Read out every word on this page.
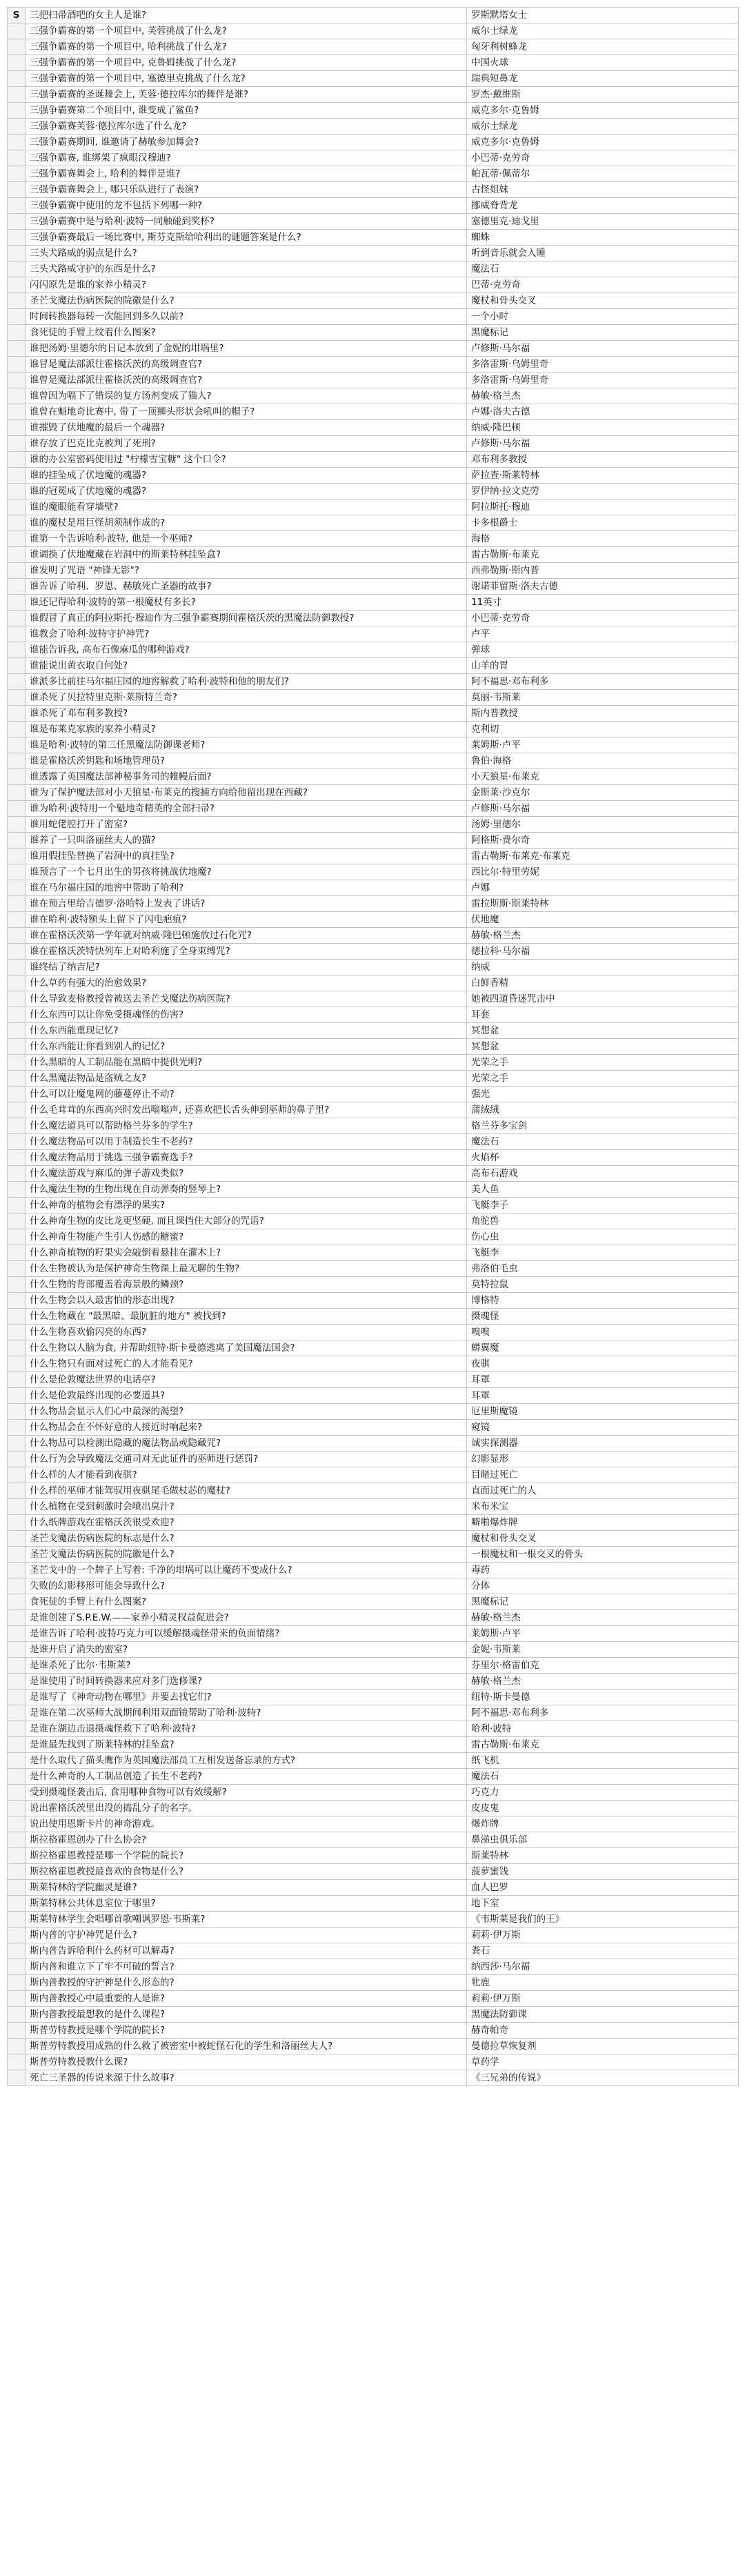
S	三把扫帚酒吧的女主人是谁?	罗斯默塔女士
	三强争霸赛的第一个项目中, 芙蓉挑战了什么龙?	威尔士绿龙
	三强争霸赛的第一个项目中, 哈利挑战了什么龙?	匈牙利树蜂龙
	三强争霸赛的第一个项目中, 克鲁姆挑战了什么龙?	中国火球
	三强争霸赛的第一个项目中, 塞德里克挑战了什么龙?	瑞典短鼻龙
	三强争霸赛的圣诞舞会上, 芙蓉·德拉库尔的舞伴是谁?	罗杰·戴维斯
	三强争霸赛第二个项目中, 谁变成了鲨鱼?	威克多尔·克鲁姆
	三强争霸赛芙蓉·德拉库尔选了什么龙?	威尔士绿龙
	三强争霸赛期间, 谁邀请了赫敏参加舞会?	威克多尔·克鲁姆
	三强争霸赛, 谁绑架了疯眼汉穆迪?	小巴蒂·克劳奇
	三强争霸赛舞会上, 哈利的舞伴是谁?	帕瓦蒂·佩蒂尔
	三强争霸赛舞会上, 哪只乐队进行了表演?	古怪姐妹
	三强争霸赛中使用的龙不包括下列哪一种?	挪威脊背龙
	三强争霸赛中是与哈利·波特一同触碰到奖杯?	塞德里克·迪戈里
	三强争霸赛最后一场比赛中, 斯芬克斯给哈利出的谜题答案是什么?	蜘蛛
	三头犬路威的弱点是什么?	听到音乐就会入睡
	三头犬路威守护的东西是什么?	魔法石
	闪闪原先是谁的家养小精灵?	巴蒂·克劳奇
	圣芒戈魔法伤病医院的院徽是什么?	魔杖和骨头交叉
	时间转换器每转一次能回到多久以前?	一个小时
	食死徒的手臂上纹着什么图案?	黑魔标记
	谁把汤姆·里德尔的日记本放到了金妮的坩埚里?	卢修斯·马尔福
	谁冒是魔法部派往霍格沃茨的高级调查官?	多洛雷斯·乌姆里奇
	谁曾是魔法部派往霍格沃茨的高级调查官?	多洛雷斯·乌姆里奇
	谁曾因为嗝下了错误的复方汤剂变成了猫人?	赫敏·格兰杰
	谁曾在魁地奇比赛中, 带了一顶狮头形状会吼叫的帽子?	卢娜·洛夫古德
	谁摧毁了伏地魔的最后一个魂器?	纳威·隆巴顿
	谁存放了巴克比克被判了死刑?	卢修斯·马尔福
	谁的办公室密码使用过 "柠檬雪宝糖" 这个口令?	邓布利多教授
	谁的挂坠成了伏地魔的魂器?	萨拉查·斯莱特林
	谁的冠冕成了伏地魔的魂器?	罗伊纳·拉文克劳
	谁的魔眼能看穿墙壁?	阿拉斯托·穆迪
	谁的魔杖是用巨怪胡须制作成的?	卡多根爵士
	谁第一个告诉哈利·波特, 他是一个巫师?	海格
	谁调换了伏地魔藏在岩洞中的斯莱特林挂坠盒?	雷古勒斯·布莱克
	谁发明了咒语 "神锋无影"?	西弗勒斯·斯内普
	谁告诉了哈利、罗恩、赫敏死亡圣器的故事?	谢诺菲留斯·洛夫古德
	谁还记得哈利·波特的第一根魔杖有多长?	11英寸
	谁假冒了真正的阿拉斯托·穆迪作为三强争霸赛期间霍格沃茨的黑魔法防御教授?	小巴蒂·克劳奇
	谁教会了哈利·波特守护神咒?	卢平
	谁能告诉我, 高布石像麻瓜的哪种游戏?	弹球
	谁能说出黄衣取自何处?	山羊的胃
	谁派多比前往马尔福庄园的地窖解救了哈利·波特和他的朋友们?	阿不福思·邓布利多
	谁杀死了贝拉特里克斯·莱斯特兰奇?	莫丽·韦斯莱
	谁杀死了邓布利多教授?	斯内普教授
	谁是布莱克家族的家养小精灵?	克利切
	谁是哈利·波特的第三任黑魔法防御课老师?	莱姆斯·卢平
	谁是霍格沃茨钥匙和场地管理员?	鲁伯·海格
	谁透露了英国魔法部神秘事务司的帷幔后面?	小天狼星·布莱克
	谁为了保护魔法部对小天狼星·布莱克的搜捕方向给他留出现在西藏?	金斯莱·沙克尔
	谁为哈利·波特用一个魁地奇精英的全部扫帚?	卢修斯·马尔福
	谁用蛇佬腔打开了密室?	汤姆·里德尔
	谁养了一只叫洛丽丝夫人的猫?	阿格斯·费尔奇
	谁用假挂坠替换了岩洞中的真挂坠?	雷古勒斯·布莱克·布莱克
	谁预言了一个七月出生的男孩将挑战伏地魔?	西比尔·特里劳妮
	谁在马尔福庄园的地窖中帮助了哈利?	卢娜
	谁在预言里给吉德罗·洛哈特上发表了讲话?	雷拉斯斯·斯莱特林
	谁在哈利·波特额头上留下了闪电疤痕?	伏地魔
	谁在霍格沃茨第一学年就对纳威·隆巴顿施放过石化咒?	赫敏·格兰杰
	谁在霍格沃茨特快列车上对哈利施了全身束缚咒?	德拉科·马尔福
	谁终结了纳吉尼?	纳威
	什么草药有强大的治愈效果?	白鲜香精
	什么导致麦格教授曾被送去圣芒戈魔法伤病医院?	她被四道昏迷咒击中
	什么东西可以让你免受摄魂怪的伤害?	耳套
	什么东西能重现记忆?	冥想盆
	什么东西能让你看到别人的记忆?	冥想盆
	什么黑暗的人工制品能在黑暗中提供光明?	光荣之手
	什么黑魔法物品是盗贼之友?	光荣之手
	什么可以让魔鬼网的藤蔓停止不动?	强光
	什么毛茸茸的东西高兴时发出嗡嗡声, 还喜欢把长舌头伸到巫师的鼻子里?	蒲绒绒
	什么魔法道具可以帮助格兰芬多的学生?	格兰芬多宝剑
	什么魔法物品可以用于制造长生不老药?	魔法石
	什么魔法物品用于挑选三强争霸赛选手?	火焰杯
	什么魔法游戏与麻瓜的弹子游戏类似?	高布石游戏
	什么魔法生物的生物出现在自动弹奏的竖琴上?	美人鱼
	什么神奇的植物会有漂浮的果实?	飞艇李子
	什么神奇生物的皮比龙更坚硬, 而且课挡住大部分的咒语?	角驼兽
	什么神奇生物能产生引人伤感的糖蜜?	伤心虫
	什么神奇植物的籽果实会敲倒着悬挂在灌木上?	飞艇李
	什么生物被认为是保护神奇生物课上最无聊的生物?	弗洛伯毛虫
	什么生物的背部覆盖着海景般的鳞颈?	莫特拉鼠
	什么生物会以人最害怕的形态出现?	博格特
	什么生物藏在 "最黑暗、最肮脏的地方" 被找到?	摄魂怪
	什么生物喜欢偷闪亮的东西?	嗅嗅
	什么生物以人脑为食, 并帮助纽特·斯卡曼德逃离了美国魔法国会?	蟒翼魔
	什么生物只有面对过死亡的人才能看见?	夜骐
	什么是伦敦魔法世界的电话亭?	耳罩
	什么是伦敦最终出现的必要道具?	耳罩
	什么物品会显示人们心中最深的渴望?	厄里斯魔镜
	什么物品会在不怀好意的人接近时响起来?	窥镜
	什么物品可以检测出隐藏的魔法物品或隐藏咒?	诚实探测器
	什么行为会导致魔法交通司对无此证件的巫师进行惩罚?	幻影显形
	什么样的人才能看到夜骐?	目睹过死亡
	什么样的巫师才能驾驭用夜骐尾毛做杖芯的魔杖?	直面过死亡的人
	什么植物在受到刺激时会喷出臭汁?	米布米宝
	什么纸牌游戏在霍格沃茨很受欢迎?	噼啪爆炸牌
	圣芒戈魔法伤病医院的标志是什么?	魔杖和骨头交叉
	圣芒戈魔法伤病医院的院徽是什么?	一根魔杖和一根交叉的骨头
	圣芒戈中的一个牌子上写着: 千净的坩埚可以让魔药不变成什么?	毒药
	失败的幻影移形可能会导致什么?	分体
	食死徒的手臂上有什么图案?	黑魔标记
	是谁创建了S.P.E.W.——家养小精灵权益促进会?	赫敏·格兰杰
	是谁告诉了哈利·波特巧克力可以缓解摄魂怪带来的负面情绪?	莱姆斯·卢平
	是谁开启了消失的密室?	金妮·韦斯莱
	是谁杀死了比尔·韦斯莱?	芬里尔·格雷伯克
	是谁使用了时间转换器来应对多门选修课?	赫敏·格兰杰
	是谁写了《神奇动物在哪里》并要去找它们?	纽特·斯卡曼德
	是谁在第二次巫师大战期间利用双面镜帮助了哈利·波特?	阿不福思·邓布利多
	是谁在湖边击退摄魂怪救下了哈利·波特?	哈利·波特
	是谁最先找到了斯莱特林的挂坠盒?	雷古勒斯·布莱克
	是什么取代了猫头鹰作为英国魔法部员工互相发送备忘录的方式?	纸飞机
	是什么神奇的人工制品创造了长生不老药?	魔法石
	受到摄魂怪袭击后, 食用哪种食物可以有效缓解?	巧克力
	说出霍格沃茨里出没的捣乱分子的名字。	皮皮鬼
	说出使用恩斯卡片的神奇游戏。	爆炸牌
	斯拉格霍恩创办了什么协会?	鼻涕虫俱乐部
	斯拉格霍恩教授是哪一个学院的院长?	斯莱特林
	斯拉格霍恩教授最喜欢的食物是什么?	菠萝蜜饯
	斯莱特林的学院幽灵是谁?	血人巴罗
	斯莱特林公共休息室位于哪里?	地下室
	斯莱特林学生会唱哪首歌嘲讽罗恩·韦斯莱?	《韦斯莱是我们的王》
	斯内普的守护神咒是什么?	莉莉·伊万斯
	斯内普告诉哈利什么药材可以解毒?	粪石
	斯内普和谁立下了牢不可破的誓言?	纳西莎·马尔福
	斯内普教授的守护神是什么形态的?	牝鹿
	斯内普教授心中最重要的人是谁?	莉莉·伊万斯
	斯内普教授最想教的是什么课程?	黑魔法防御课
	斯普劳特教授是哪个学院的院长?	赫奇帕奇
	斯普劳特教授用成熟的什么救了被密室中被蛇怪石化的学生和洛丽丝夫人?	曼德拉草恢复剂
	斯普劳特教授教什么课?	草药学
	死亡三圣器的传说来源于什么故事?	《三兄弟的传说》
